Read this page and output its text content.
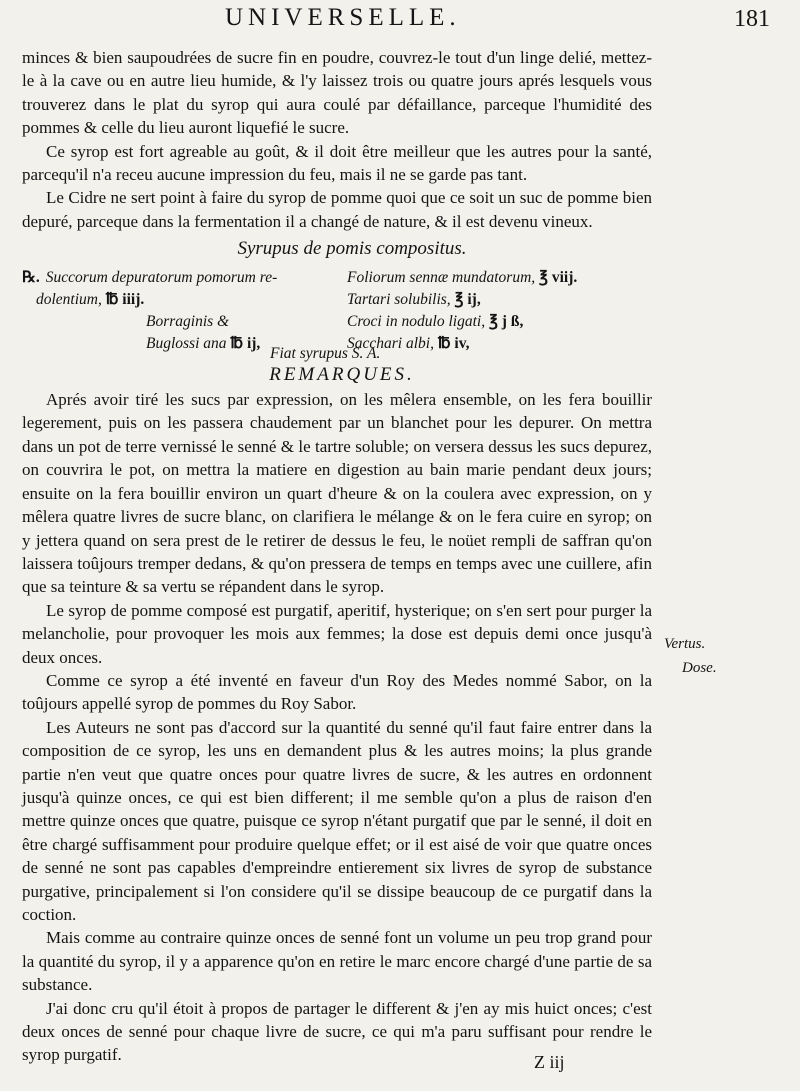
UNIVERSELLE.	181

minces & bien saupoudrées de sucre fin en poudre, couvrez-le tout d'un linge delié, mettez-le à la cave ou en autre lieu humide, & l'y laissez trois ou quatre jours aprés lesquels vous trouverez dans le plat du syrop qui aura coulé par défaillance, parceque l'humidité des pommes & celle du lieu auront liquefié le sucre.

Ce syrop est fort agreable au goût, & il doit être meilleur que les autres pour la santé, parcequ'il n'a receu aucune impression du feu, mais il ne se garde pas tant.

Le Cidre ne sert point à faire du syrop de pomme quoi que ce soit un suc de pomme bien depuré, parceque dans la fermentation il a changé de nature, & il est devenu vineux.

Syrupus de pomis compositus.
℞. Succorum depuratorum pomorum re-
dolentium, ℔ iiij.
Borraginis &
Buglossi ana ℔ ij,
Foliorum sennæ mundatorum, ℥ viij.
Tartari solubilis, ℥ ij,
Croci in nodulo ligati, ℥ j ß,
Sacchari albi, ℔ iv,
Fiat syrupus S. A.
REMARQUES.

Aprés avoir tiré les sucs par expression, on les mêlera ensemble, on les fera bouillir legerement, puis on les passera chaudement par un blanchet pour les depurer. On mettra dans un pot de terre vernissé le senné & le tartre soluble; on versera dessus les sucs depurez, on couvrira le pot, on mettra la matiere en digestion au bain marie pendant deux jours; ensuite on la fera bouillir environ un quart d'heure & on la coulera avec expression, on y mêlera quatre livres de sucre blanc, on clarifiera le mélange & on le fera cuire en syrop; on y jettera quand on sera prest de le retirer de dessus le feu, le noüet rempli de saffran qu'on laissera toûjours tremper dedans, & qu'on pressera de temps en temps avec une cuillere, afin que sa teinture & sa vertu se répandent dans le syrop.

Le syrop de pomme composé est purgatif, aperitif, hysterique; on s'en sert pour purger la melancholie, pour provoquer les mois aux femmes; la dose est depuis demi once jusqu'à deux onces.

Comme ce syrop a été inventé en faveur d'un Roy des Medes nommé Sabor, on la toûjours appellé syrop de pommes du Roy Sabor.

Les Auteurs ne sont pas d'accord sur la quantité du senné qu'il faut faire entrer dans la composition de ce syrop, les uns en demandent plus & les autres moins; la plus grande partie n'en veut que quatre onces pour quatre livres de sucre, & les autres en ordonnent jusqu'à quinze onces, ce qui est bien different; il me semble qu'on a plus de raison d'en mettre quinze onces que quatre, puisque ce syrop n'étant purgatif que par le senné, il doit en être chargé suffisamment pour produire quelque effet; or il est aisé de voir que quatre onces de senné ne sont pas capables d'empreindre entierement six livres de syrop de substance purgative, principalement si l'on considere qu'il se dissipe beaucoup de ce purgatif dans la coction.

Mais comme au contraire quinze onces de senné font un volume un peu trop grand pour la quantité du syrop, il y a apparence qu'on en retire le marc encore chargé d'une partie de sa substance.

J'ai donc cru qu'il étoit à propos de partager le different & j'en ay mis huict onces; c'est deux onces de senné pour chaque livre de sucre, ce qui m'a paru suffisant pour rendre le syrop purgatif.

Vertus.
Dose.
Z iij
